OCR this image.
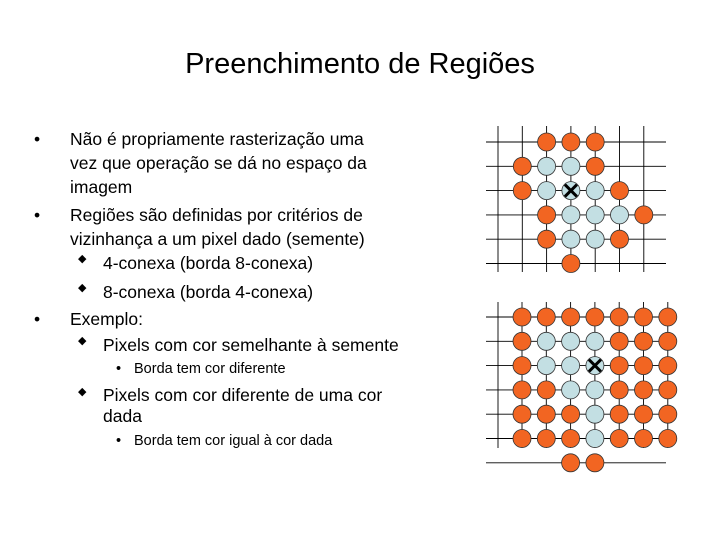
Preenchimento de Regiões
• Não é propriamente rasterização uma
vez que operação se dá no espaço da
imagem
• Regiões são definidas por critérios de
vizinhança a um pixel dado (semente)
◆ 4-conexa (borda 8-conexa)
◆ 8-conexa (borda 4-conexa)
• Exemplo:
◆ Pixels com cor semelhante à semente
• Borda tem cor diferente
◆ Pixels com cor diferente de uma cor
dada
• Borda tem cor igual à cor dada
